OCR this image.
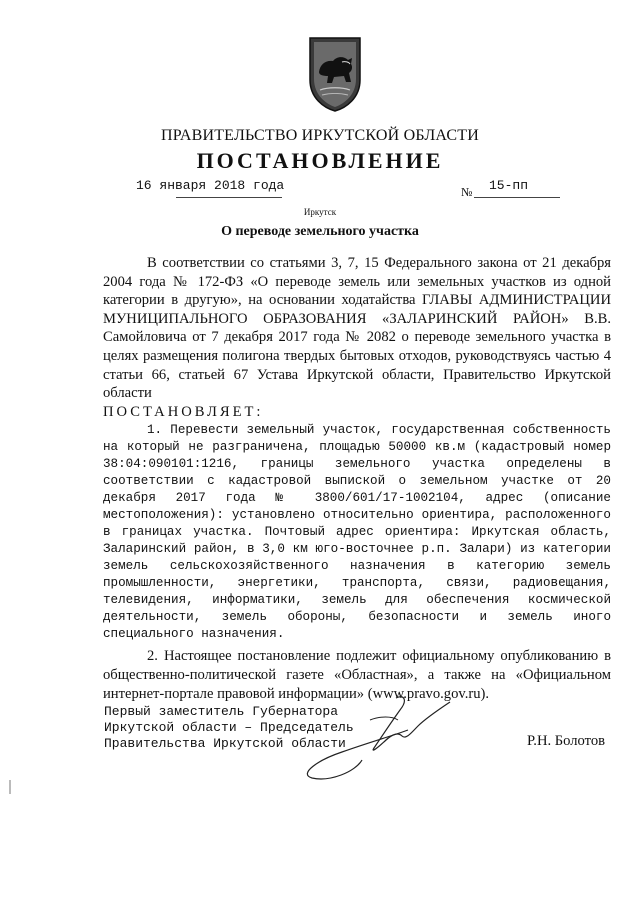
ПРАВИТЕЛЬСТВО ИРКУТСКОЙ ОБЛАСТИ
ПОСТАНОВЛЕНИЕ
16 января 2018 года	№ 15-пп
Иркутск
О переводе земельного участка

В соответствии со статьями 3, 7, 15 Федерального закона от 21 декабря 2004 года № 172-ФЗ «О переводе земель или земельных участков из одной категории в другую», на основании ходатайства ГЛАВЫ АДМИНИСТРАЦИИ МУНИЦИПАЛЬНОГО ОБРАЗОВАНИЯ «ЗАЛАРИНСКИЙ РАЙОН» В.В. Самойловича от 7 декабря 2017 года № 2082 о переводе земельного участка в целях размещения полигона твердых бытовых отходов, руководствуясь частью 4 статьи 66, статьей 67 Устава Иркутской области, Правительство Иркутской области

ПОСТАНОВЛЯЕТ:

1. Перевести земельный участок, государственная собственность на который не разграничена, площадью 50000 кв.м (кадастровый номер 38:04:090101:1216, границы земельного участка определены в соответствии с кадастровой выпиской о земельном участке от 20 декабря 2017 года № 3800/601/17-1002104, адрес (описание местоположения): установлено относительно ориентира, расположенного в границах участка. Почтовый адрес ориентира: Иркутская область, Заларинский район, в 3,0 км юго-восточнее р.п. Залари) из категории земель сельскохозяйственного назначения в категорию земель промышленности, энергетики, транспорта, связи, радиовещания, телевидения, информатики, земель для обеспечения космической деятельности, земель обороны, безопасности и земель иного специального назначения.

2. Настоящее постановление подлежит официальному опубликованию в общественно-политической газете «Областная», а также на «Официальном интернет-портале правовой информации» (www.pravo.gov.ru).

Первый заместитель Губернатора
Иркутской области – Председатель
Правительства Иркутской области	Р.Н. Болотов
